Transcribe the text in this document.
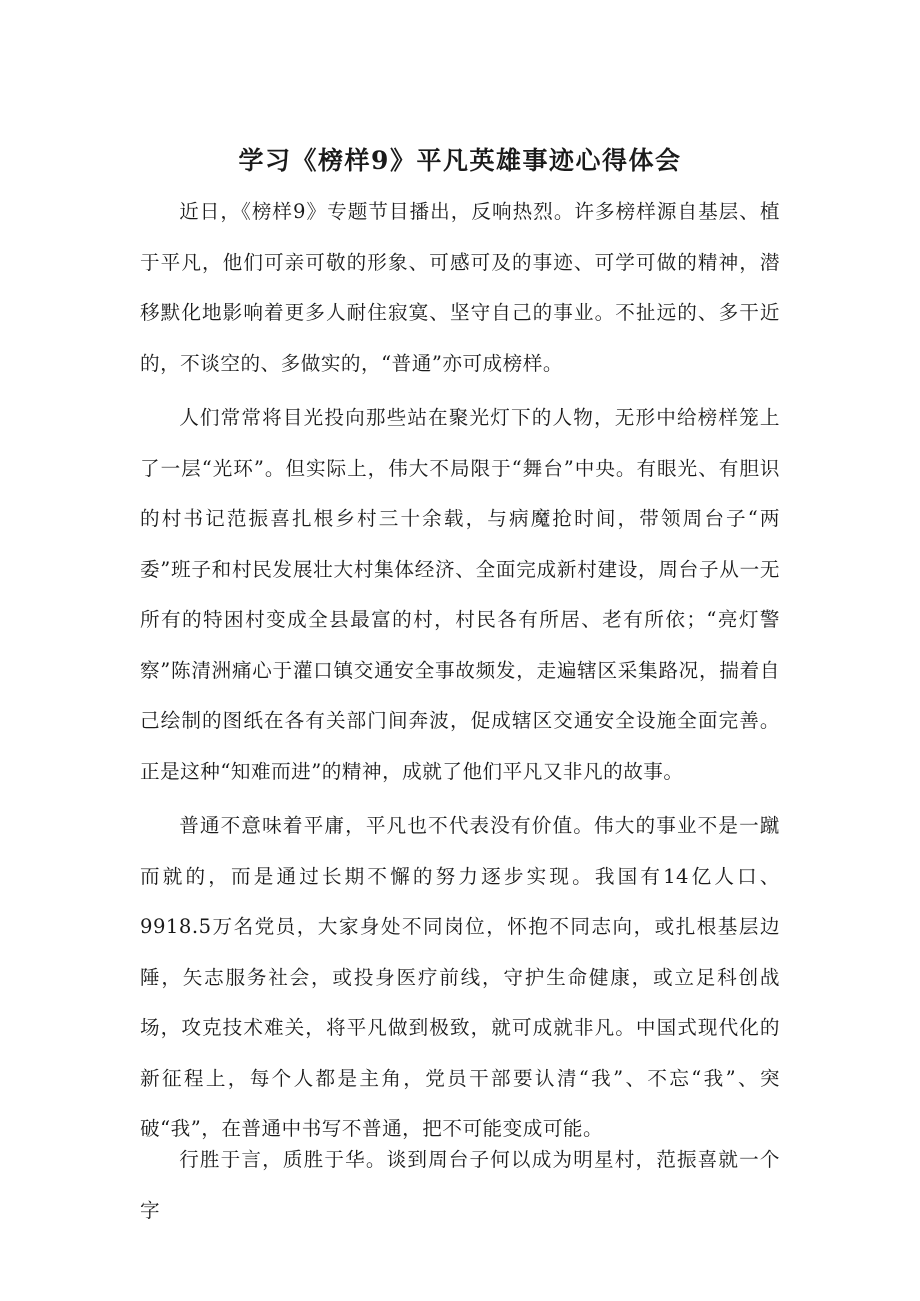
学习《榜样9》平凡英雄事迹心得体会

近日，《榜样9》专题节目播出，反响热烈。许多榜样源自基层、植于平凡，他们可亲可敬的形象、可感可及的事迹、可学可做的精神，潜移默化地影响着更多人耐住寂寞、坚守自己的事业。不扯远的、多干近的，不谈空的、多做实的，“普通”亦可成榜样。

人们常常将目光投向那些站在聚光灯下的人物，无形中给榜样笼上了一层“光环”。但实际上，伟大不局限于“舞台”中央。有眼光、有胆识的村书记范振喜扎根乡村三十余载，与病魔抢时间，带领周台子“两委”班子和村民发展壮大村集体经济、全面完成新村建设，周台子从一无所有的特困村变成全县最富的村，村民各有所居、老有所依；“亮灯警察”陈清洲痛心于灌口镇交通安全事故频发，走遍辖区采集路况，揣着自己绘制的图纸在各有关部门间奔波，促成辖区交通安全设施全面完善。正是这种“知难而进”的精神，成就了他们平凡又非凡的故事。

普通不意味着平庸，平凡也不代表没有价值。伟大的事业不是一蹴而就的，而是通过长期不懈的努力逐步实现。我国有14亿人口、9918.5万名党员，大家身处不同岗位，怀抱不同志向，或扎根基层边陲，矢志服务社会，或投身医疗前线，守护生命健康，或立足科创战场，攻克技术难关，将平凡做到极致，就可成就非凡。中国式现代化的新征程上，每个人都是主角，党员干部要认清“我”、不忘“我”、突破“我”，在普通中书写不普通，把不可能变成可能。

行胜于言，质胜于华。谈到周台子何以成为明星村，范振喜就一个字
